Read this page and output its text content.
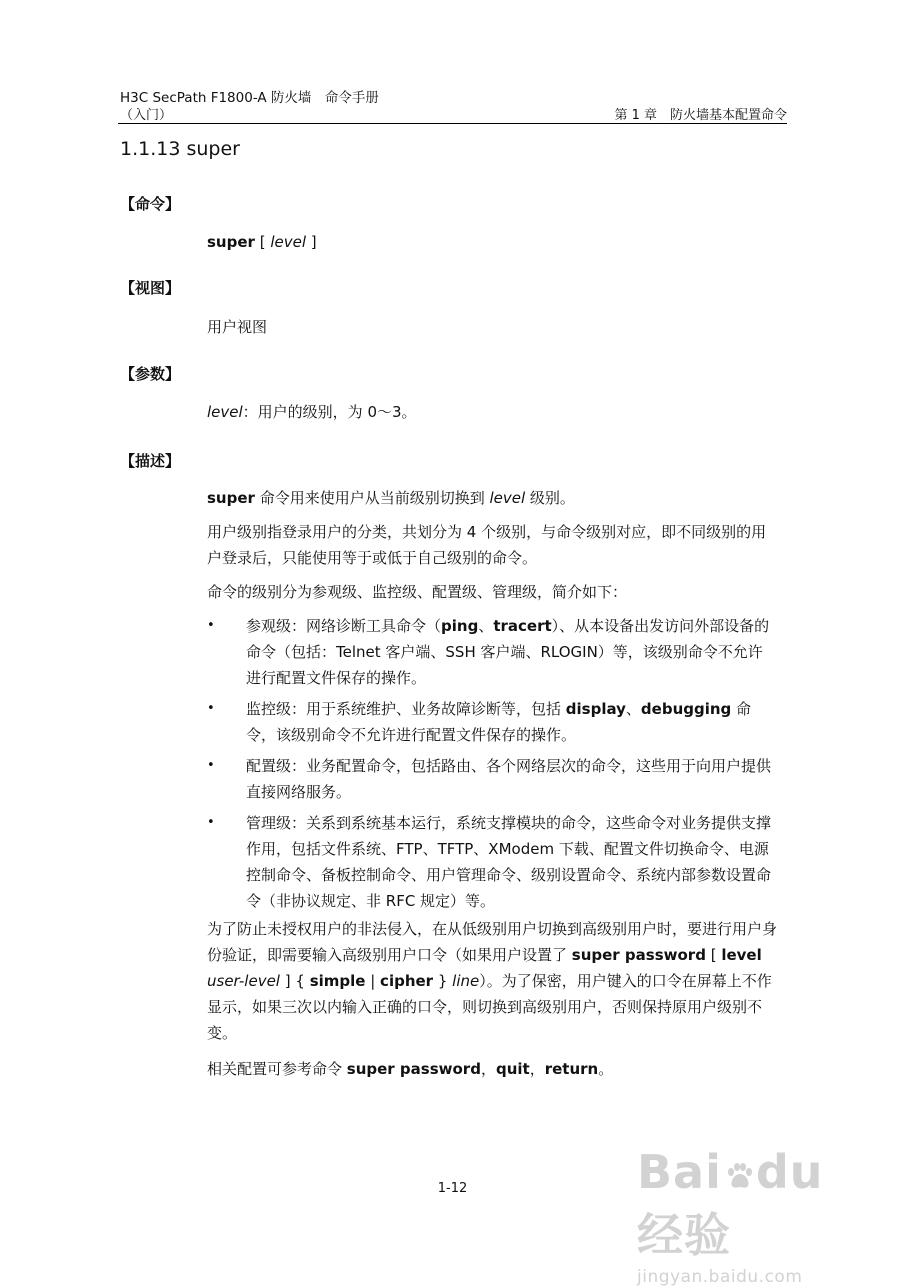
H3C SecPath F1800-A 防火墙　命令手册
（入门）	第 1 章　防火墙基本配置命令
1.1.13 super
【命令】
super [ level ]
【视图】
用户视图
【参数】
level：用户的级别，为 0～3。
【描述】

super 命令用来使用户从当前级别切换到 level 级别。

用户级别指登录用户的分类，共划分为 4 个级别，与命令级别对应，即不同级别的用户登录后，只能使用等于或低于自己级别的命令。

命令的级别分为参观级、监控级、配置级、管理级，简介如下：

• 参观级：网络诊断工具命令（ping、tracert）、从本设备出发访问外部设备的命令（包括：Telnet 客户端、SSH 客户端、RLOGIN）等，该级别命令不允许进行配置文件保存的操作。
• 监控级：用于系统维护、业务故障诊断等，包括 display、debugging 命令，该级别命令不允许进行配置文件保存的操作。
• 配置级：业务配置命令，包括路由、各个网络层次的命令，这些用于向用户提供直接网络服务。
• 管理级：关系到系统基本运行，系统支撑模块的命令，这些命令对业务提供支撑作用，包括文件系统、FTP、TFTP、XModem 下载、配置文件切换命令、电源控制命令、备板控制命令、用户管理命令、级别设置命令、系统内部参数设置命令（非协议规定、非 RFC 规定）等。

为了防止未授权用户的非法侵入，在从低级别用户切换到高级别用户时，要进行用户身份验证，即需要输入高级别用户口令（如果用户设置了 super password [ level user-level ] { simple | cipher } line）。为了保密，用户键入的口令在屏幕上不作显示，如果三次以内输入正确的口令，则切换到高级别用户，否则保持原用户级别不变。

相关配置可参考命令 super password，quit，return。

1-12	Bai du经验
jingyan.baidu.com
